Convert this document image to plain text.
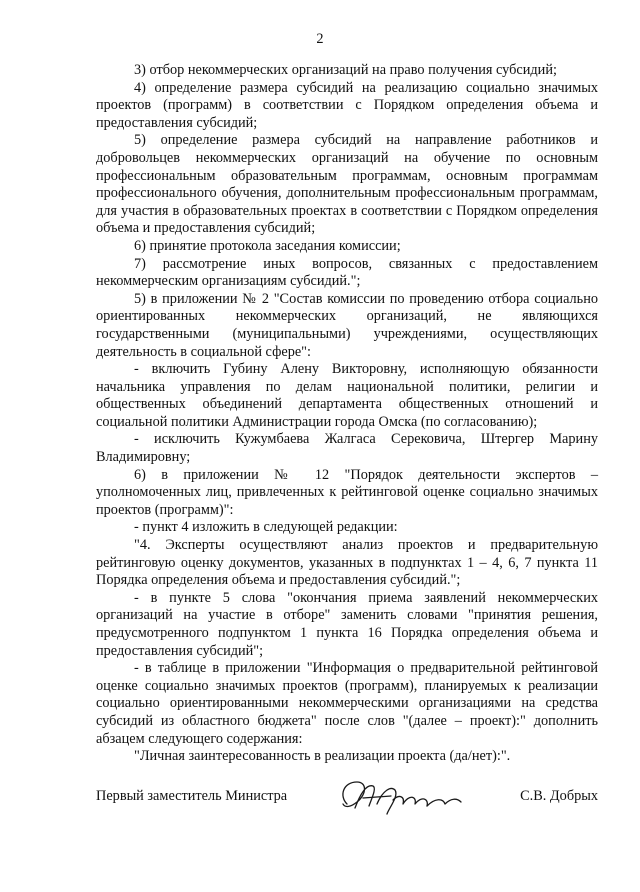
2

3) отбор некоммерческих организаций на право получения субсидий;

4) определение размера субсидий на реализацию социально значимых проектов (программ) в соответствии с Порядком определения объема и предоставления субсидий;

5) определение размера субсидий на направление работников и добровольцев некоммерческих организаций на обучение по основным профессиональным образовательным программам, основным программам профессионального обучения, дополнительным профессиональным программам, для участия в образовательных проектах в соответствии с Порядком определения объема и предоставления субсидий;

6) принятие протокола заседания комиссии;

7) рассмотрение иных вопросов, связанных с предоставлением некоммерческим организациям субсидий.";

5) в приложении № 2 "Состав комиссии по проведению отбора социально ориентированных некоммерческих организаций, не являющихся государственными (муниципальными) учреждениями, осуществляющих деятельность в социальной сфере":

- включить Губину Алену Викторовну, исполняющую обязанности начальника управления по делам национальной политики, религии и общественных объединений департамента общественных отношений и социальной политики Администрации города Омска (по согласованию);

- исключить Кужумбаева Жалгаса Серековича, Штергер Марину Владимировну;

6) в приложении № 12 "Порядок деятельности экспертов – уполномоченных лиц, привлеченных к рейтинговой оценке социально значимых проектов (программ)":

- пункт 4 изложить в следующей редакции:

"4. Эксперты осуществляют анализ проектов и предварительную рейтинговую оценку документов, указанных в подпунктах 1 – 4, 6, 7 пункта 11 Порядка определения объема и предоставления субсидий.";

- в пункте 5 слова "окончания приема заявлений некоммерческих организаций на участие в отборе" заменить словами "принятия решения, предусмотренного подпунктом 1 пункта 16 Порядка определения объема и предоставления субсидий";

- в таблице в приложении "Информация о предварительной рейтинговой оценке социально значимых проектов (программ), планируемых к реализации социально ориентированными некоммерческими организациями на средства субсидий из областного бюджета" после слов "(далее – проект):" дополнить абзацем следующего содержания:

"Личная заинтересованность в реализации проекта (да/нет):".

Первый заместитель Министра	С.В. Добрых
